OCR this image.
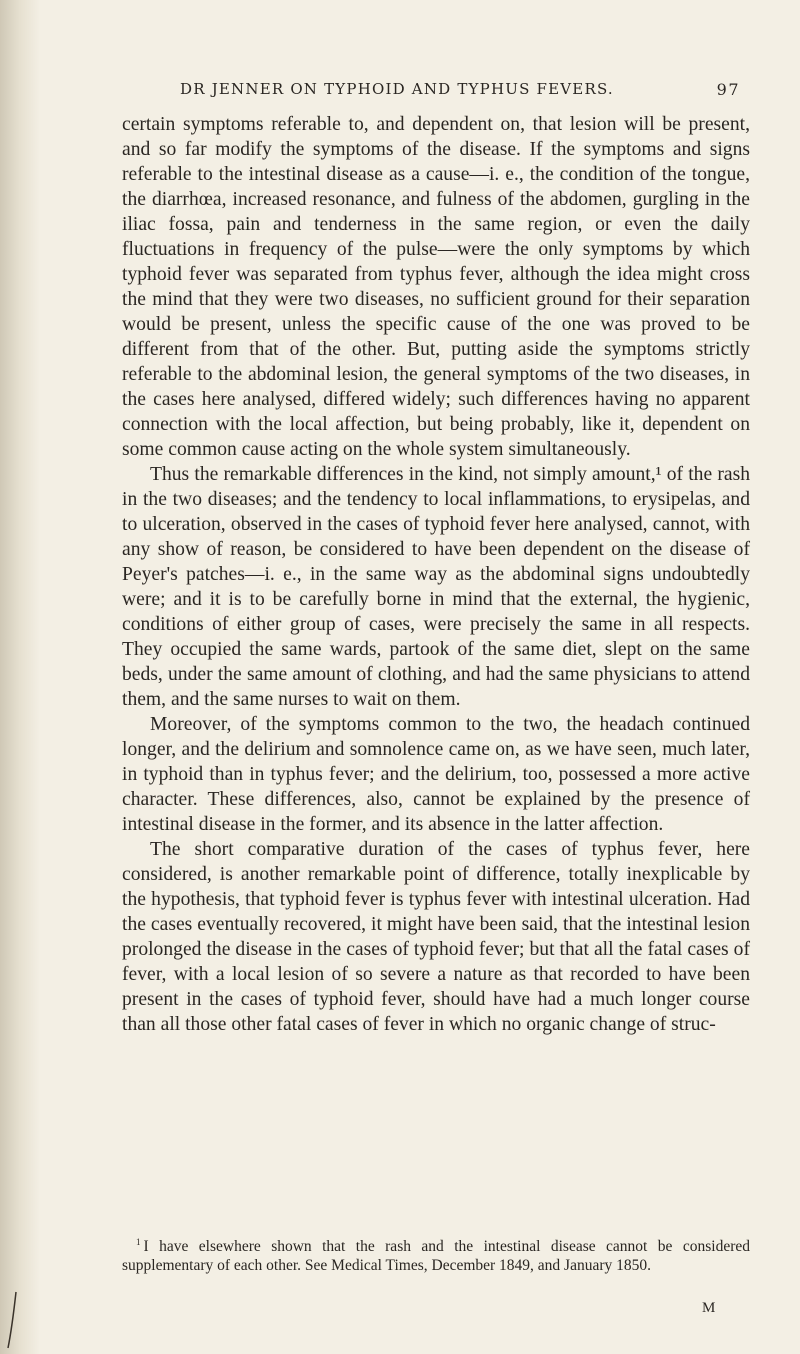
DR JENNER ON TYPHOID AND TYPHUS FEVERS.	97

certain symptoms referable to, and dependent on, that lesion will be present, and so far modify the symptoms of the disease. If the symptoms and signs referable to the intestinal disease as a cause—i. e., the condition of the tongue, the diarrhœa, increased resonance, and fulness of the abdomen, gurgling in the iliac fossa, pain and tenderness in the same region, or even the daily fluctuations in frequency of the pulse—were the only symptoms by which typhoid fever was separated from typhus fever, although the idea might cross the mind that they were two diseases, no sufficient ground for their separation would be present, unless the specific cause of the one was proved to be different from that of the other. But, putting aside the symptoms strictly referable to the abdominal lesion, the general symptoms of the two diseases, in the cases here analysed, differed widely; such differences having no apparent connection with the local affection, but being probably, like it, dependent on some common cause acting on the whole system simultaneously.

Thus the remarkable differences in the kind, not simply amount,¹ of the rash in the two diseases; and the tendency to local inflammations, to erysipelas, and to ulceration, observed in the cases of typhoid fever here analysed, cannot, with any show of reason, be considered to have been dependent on the disease of Peyer's patches—i. e., in the same way as the abdominal signs undoubtedly were; and it is to be carefully borne in mind that the external, the hygienic, conditions of either group of cases, were precisely the same in all respects. They occupied the same wards, partook of the same diet, slept on the same beds, under the same amount of clothing, and had the same physicians to attend them, and the same nurses to wait on them.

Moreover, of the symptoms common to the two, the headach continued longer, and the delirium and somnolence came on, as we have seen, much later, in typhoid than in typhus fever; and the delirium, too, possessed a more active character. These differences, also, cannot be explained by the presence of intestinal disease in the former, and its absence in the latter affection.

The short comparative duration of the cases of typhus fever, here considered, is another remarkable point of difference, totally inexplicable by the hypothesis, that typhoid fever is typhus fever with intestinal ulceration. Had the cases eventually recovered, it might have been said, that the intestinal lesion prolonged the disease in the cases of typhoid fever; but that all the fatal cases of fever, with a local lesion of so severe a nature as that recorded to have been present in the cases of typhoid fever, should have had a much longer course than all those other fatal cases of fever in which no organic change of struc-

$^1$ I have elsewhere shown that the rash and the intestinal disease cannot be considered supplementary of each other. See Medical Times, December 1849, and January 1850.
M
